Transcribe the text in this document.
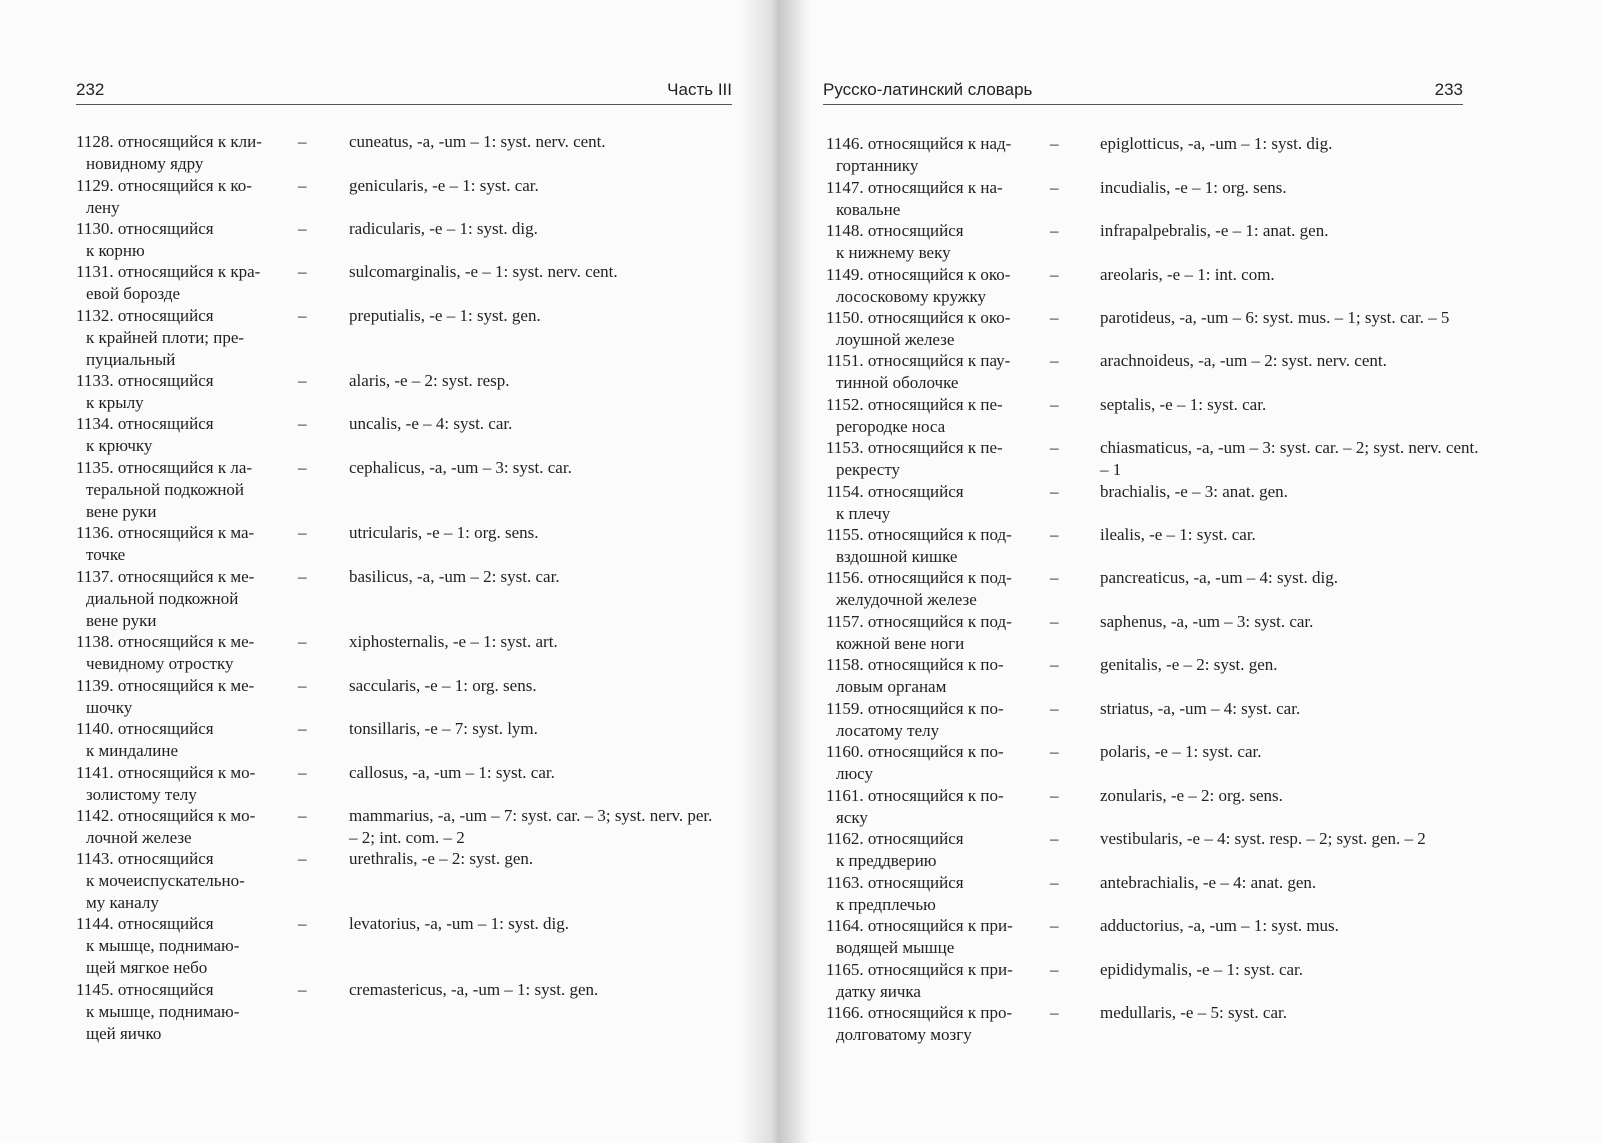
232	Часть III
1128. относящийся к кли-
новидному ядру
–	cuneatus, -a, -um – 1: syst. nerv. cent.
1129. относящийся к ко-
лену
–	genicularis, -e – 1: syst. car.
1130. относящийся
к корню
–	radicularis, -e – 1: syst. dig.
1131. относящийся к кра-
евой борозде
–	sulcomarginalis, -e – 1: syst. nerv. cent.
1132. относящийся
к крайней плоти; пре-
пуциальный
–	preputialis, -e – 1: syst. gen.
1133. относящийся
к крылу
–	alaris, -e – 2: syst. resp.
1134. относящийся
к крючку
–	uncalis, -e – 4: syst. car.
1135. относящийся к ла-
теральной подкожной
вене руки
–	cephalicus, -a, -um – 3: syst. car.
1136. относящийся к ма-
точке
–	utricularis, -e – 1: org. sens.
1137. относящийся к ме-
диальной подкожной
вене руки
–	basilicus, -a, -um – 2: syst. car.
1138. относящийся к ме-
чевидному отростку
–	xiphosternalis, -e – 1: syst. art.
1139. относящийся к ме-
шочку
–	saccularis, -e – 1: org. sens.
1140. относящийся
к миндалине
–	tonsillaris, -e – 7: syst. lym.
1141. относящийся к мо-
золистому телу
–	callosus, -a, -um – 1: syst. car.
1142. относящийся к мо-
лочной железе
–	mammarius, -a, -um – 7: syst. car. – 3; syst. nerv. per. – 2; int. com. – 2
1143. относящийся
к мочеиспускательно-
му каналу
–	urethralis, -e – 2: syst. gen.
1144. относящийся
к мышце, поднимаю-
щей мягкое небо
–	levatorius, -a, -um – 1: syst. dig.
1145. относящийся
к мышце, поднимаю-
щей яичко
–	cremastericus, -a, -um – 1: syst. gen.
Русско-латинский словарь	233
1146. относящийся к над-
гортаннику
– epiglotticus, -a, -um – 1: syst. dig.
1147. относящийся к на-
ковальне
– incudialis, -e – 1: org. sens.
1148. относящийся
к нижнему веку
– infrapalpebralis, -e – 1: anat. gen.
1149. относящийся к око-
лососковому кружку
– areolaris, -e – 1: int. com.
1150. относящийся к око-
лоушной железе
– parotideus, -a, -um – 6: syst. mus. – 1; syst. car. – 5
1151. относящийся к пау-
тинной оболочке
– arachnoideus, -a, -um – 2: syst. nerv. cent.
1152. относящийся к пе-
регородке носа
– septalis, -e – 1: syst. car.
1153. относящийся к пе-
рекресту
– chiasmaticus, -a, -um – 3: syst. car. – 2; syst. nerv. cent. – 1
1154. относящийся
к плечу
– brachialis, -e – 3: anat. gen.
1155. относящийся к под-
вздошной кишке
– ilealis, -e – 1: syst. car.
1156. относящийся к под-
желудочной железе
– pancreaticus, -a, -um – 4: syst. dig.
1157. относящийся к под-
кожной вене ноги
– saphenus, -a, -um – 3: syst. car.
1158. относящийся к по-
ловым органам
– genitalis, -e – 2: syst. gen.
1159. относящийся к по-
лосатому телу
– striatus, -a, -um – 4: syst. car.
1160. относящийся к по-
люсу
– polaris, -e – 1: syst. car.
1161. относящийся к по-
яску
– zonularis, -e – 2: org. sens.
1162. относящийся
к преддверию
– vestibularis, -e – 4: syst. resp. – 2; syst. gen. – 2
1163. относящийся
к предплечью
– antebrachialis, -e – 4: anat. gen.
1164. относящийся к при-
водящей мышце
– adductorius, -a, -um – 1: syst. mus.
1165. относящийся к при-
датку яичка
– epididymalis, -e – 1: syst. car.
1166. относящийся к про-
долговатому мозгу
– medullaris, -e – 5: syst. car.
